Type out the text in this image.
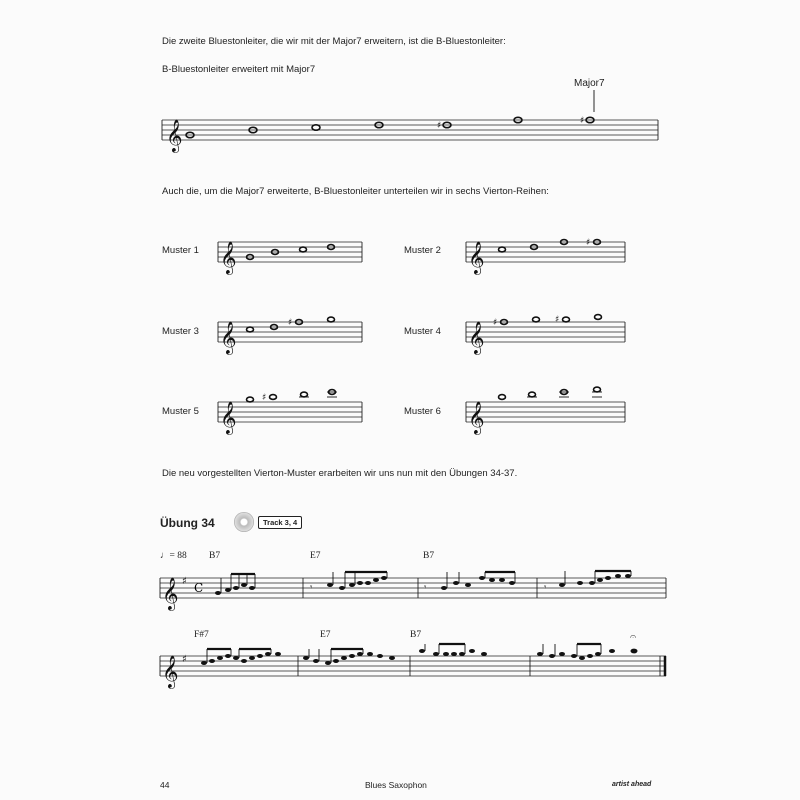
Die zweite Bluestonleiter, die wir mit der Major7 erweitern, ist die B-Bluestonleiter:
B-Bluestonleiter erweitert mit Major7
Major7
𝄞	♯	♯
Auch die, um die Major7 erweiterte, B-Bluestonleiter unterteilen wir in sechs Vierton-Reihen:
Muster 1	Muster 2
Muster 3	Muster 4
Muster 5	Muster 6
𝄞	𝄞	♯
𝄞	♯	𝄞 ♯	♯
𝄞
♯
𝄞
Die neu vorgestellten Vierton-Muster erarbeiten wir uns nun mit den Übungen 34-37.
Übung 34	Track 3, 4
♩= 88 B7	E7	B7
𝄞 ♯ C	𝄾	𝄾	𝄾
F#7	E7	B7
𝄞 ♯
𝄐
44	Blues Saxophon	artist ahead
